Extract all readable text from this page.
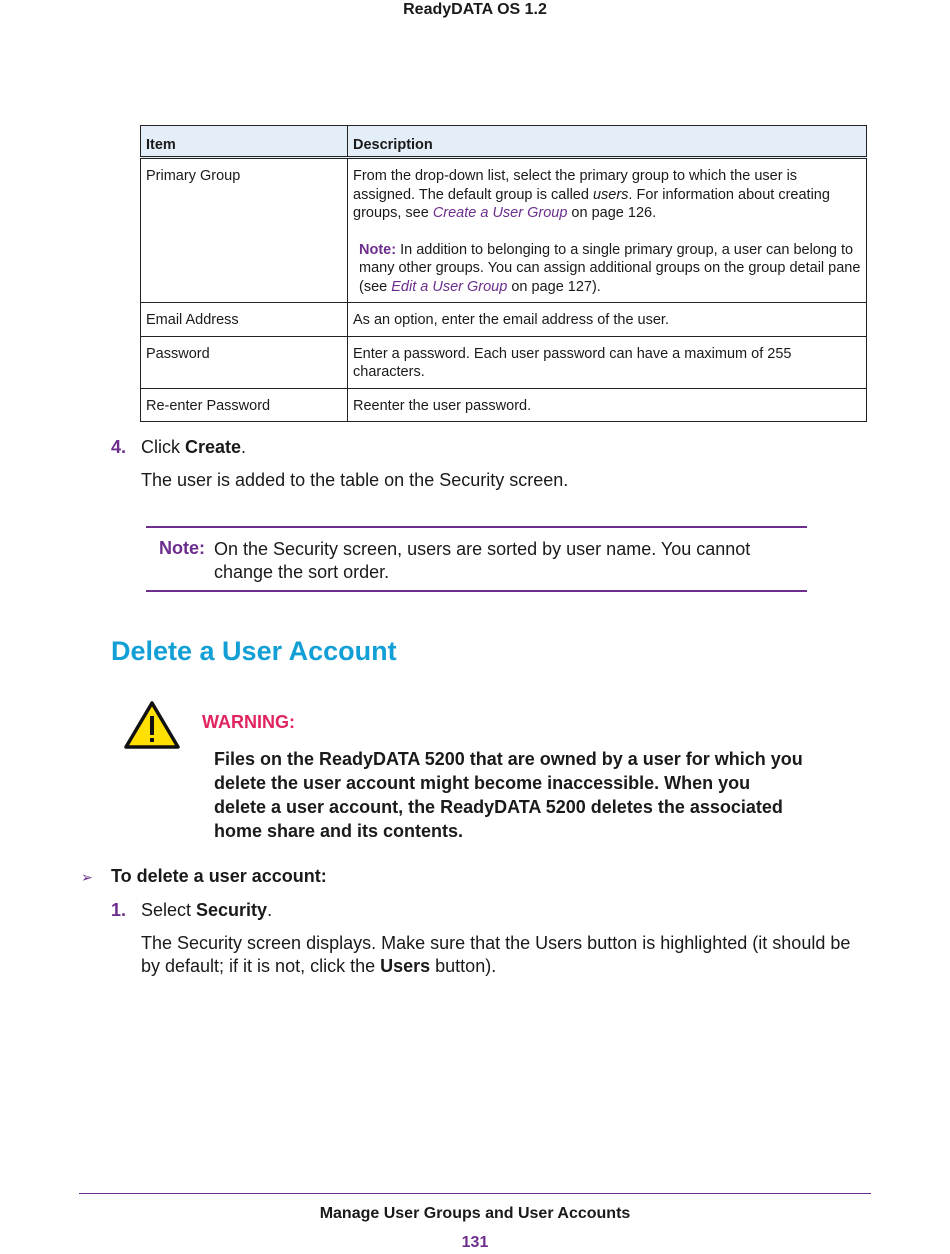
ReadyDATA OS 1.2
Item	Description
Primary Group	From the drop-down list, select the primary group to which the user is assigned. The default group is called users. For information about creating groups, see Create a User Group on page 126.
Note: In addition to belonging to a single primary group, a user can belong to many other groups. You can assign additional groups on the group detail pane (see Edit a User Group on page 127).

Email Address	As an option, enter the email address of the user.
Password	Enter a password. Each user password can have a maximum of 255 characters.
Re-enter Password	Reenter the user password.
4. Click Create.
The user is added to the table on the Security screen.
Note: On the Security screen, users are sorted by user name. You cannot change the sort order.
Delete a User Account
WARNING:
Files on the ReadyDATA 5200 that are owned by a user for which you delete the user account might become inaccessible. When you delete a user account, the ReadyDATA 5200 deletes the associated home share and its contents.
➢ To delete a user account:
1. Select Security.
The Security screen displays. Make sure that the Users button is highlighted (it should be by default; if it is not, click the Users button).
Manage User Groups and User Accounts
131
